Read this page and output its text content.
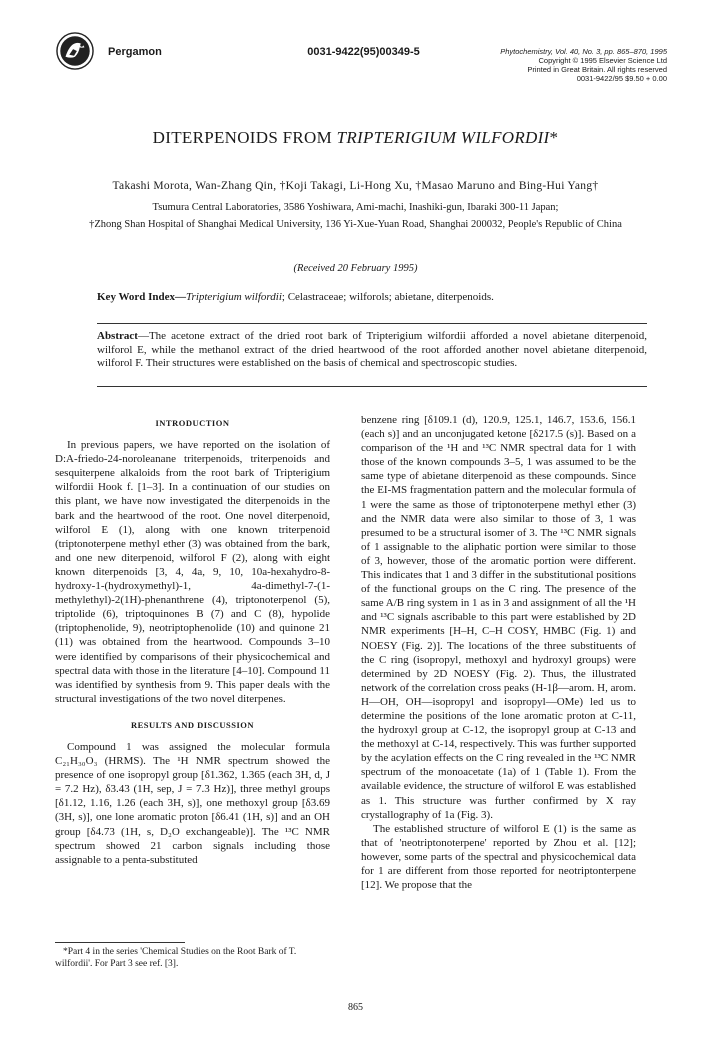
Pergamon	0031-9422(95)00349-5	Phytochemistry, Vol. 40, No. 3, pp. 865–870, 1995
Copyright © 1995 Elsevier Science Ltd
Printed in Great Britain. All rights reserved
0031-9422/95 $9.50 + 0.00
DITERPENOIDS FROM TRIPTERIGIUM WILFORDII*
Takashi Morota, Wan-Zhang Qin, †Koji Takagi, Li-Hong Xu, †Masao Maruno and Bing-Hui Yang†
Tsumura Central Laboratories, 3586 Yoshiwara, Ami-machi, Inashiki-gun, Ibaraki 300-11 Japan;
†Zhong Shan Hospital of Shanghai Medical University, 136 Yi-Xue-Yuan Road, Shanghai 200032, People's Republic of China
(Received 20 February 1995)
Key Word Index—Tripterigium wilfordii; Celastraceae; wilforols; abietane, diterpenoids.
Abstract—The acetone extract of the dried root bark of Tripterigium wilfordii afforded a novel abietane diterpenoid, wilforol E, while the methanol extract of the dried heartwood of the root afforded another novel abietane diterpenoid, wilforol F. Their structures were established on the basis of chemical and spectroscopic studies.
INTRODUCTION

In previous papers, we have reported on the isolation of D:A-friedo-24-noroleanane triterpenoids, triterpenoids and sesquiterpene alkaloids from the root bark of Tripterigium wilfordii Hook f. [1–3]. In a continuation of our studies on this plant, we have now investigated the diterpenoids in the bark and the heartwood of the root. One novel diterpenoid, wilforol E (1), along with one known triterpenoid (triptonoterpene methyl ether (3) was obtained from the bark, and one new diterpenoid, wilforol F (2), along with eight known diterpenoids [3, 4, 4a, 9, 10, 10a-hexahydro-8-hydroxy-1-(hydroxymethyl)-1, 4a-dimethyl-7-(1-methylethyl)-2(1H)-phenanthrene (4), triptonoterpenol (5), triptolide (6), triptoquinones B (7) and C (8), hypolide (triptophenolide, 9), neotriptophenolide (10) and quinone 21 (11) was obtained from the heartwood. Compounds 3–10 were identified by comparisons of their physicochemical and spectral data with those in the literature [4–10]. Compound 11 was identified by synthesis from 9. This paper deals with the structural investigations of the two novel diterpenes.

RESULTS AND DISCUSSION

Compound 1 was assigned the molecular formula C₂₁H₃₀O₃ (HRMS). The ¹H NMR spectrum showed the presence of one isopropyl group [δ1.362, 1.365 (each 3H, d, J = 7.2 Hz), δ3.43 (1H, sep, J = 7.3 Hz)], three methyl groups [δ1.12, 1.16, 1.26 (each 3H, s)], one methoxyl group [δ3.69 (3H, s)], one lone aromatic proton [δ6.41 (1H, s)] and an OH group [δ4.73 (1H, s, D₂O exchangeable)]. The ¹³C NMR spectrum showed 21 carbon signals including those assignable to a penta-substituted

benzene ring [δ109.1 (d), 120.9, 125.1, 146.7, 153.6, 156.1 (each s)] and an unconjugated ketone [δ217.5 (s)]. Based on a comparison of the ¹H and ¹³C NMR spectral data for 1 with those of the known compounds 3–5, 1 was assumed to be the same type of abietane diterpenoid as these compounds. Since the EI-MS fragmentation pattern and the molecular formula of 1 were the same as those of triptonoterpene methyl ether (3) and the NMR data were also similar to those of 3, 1 was presumed to be a structural isomer of 3. The ¹³C NMR signals of 1 assignable to the aliphatic portion were similar to those of 3, however, those of the aromatic portion were different. This indicates that 1 and 3 differ in the substitutional positions of the functional groups on the C ring. The presence of the same A/B ring system in 1 as in 3 and assignment of all the ¹H and ¹³C signals ascribable to this part were established by 2D NMR experiments [H–H, C–H COSY, HMBC (Fig. 1) and NOESY (Fig. 2)]. The locations of the three substituents of the C ring (isopropyl, methoxyl and hydroxyl groups) were determined by 2D NOESY (Fig. 2). Thus, the illustrated network of the correlation cross peaks (H-1β—arom. H, arom. H—OH, OH—isopropyl and isopropyl—OMe) led us to determine the positions of the lone aromatic proton at C-11, the hydroxyl group at C-12, the isopropyl group at C-13 and the methoxyl at C-14, respectively. This was further supported by the acylation effects on the C ring revealed in the ¹³C NMR spectrum of the monoacetate (1a) of 1 (Table 1). From the available evidence, the structure of wilforol E was established as 1. This structure was further confirmed by X ray crystallography of 1a (Fig. 3).

The established structure of wilforol E (1) is the same as that of 'neotriptonoterpene' reported by Zhou et al. [12]; however, some parts of the spectral and physicochemical data for 1 are different from those reported for neotriptonterpene [12]. We propose that the

*Part 4 in the series 'Chemical Studies on the Root Bark of T. wilfordii'. For Part 3 see ref. [3].
865
